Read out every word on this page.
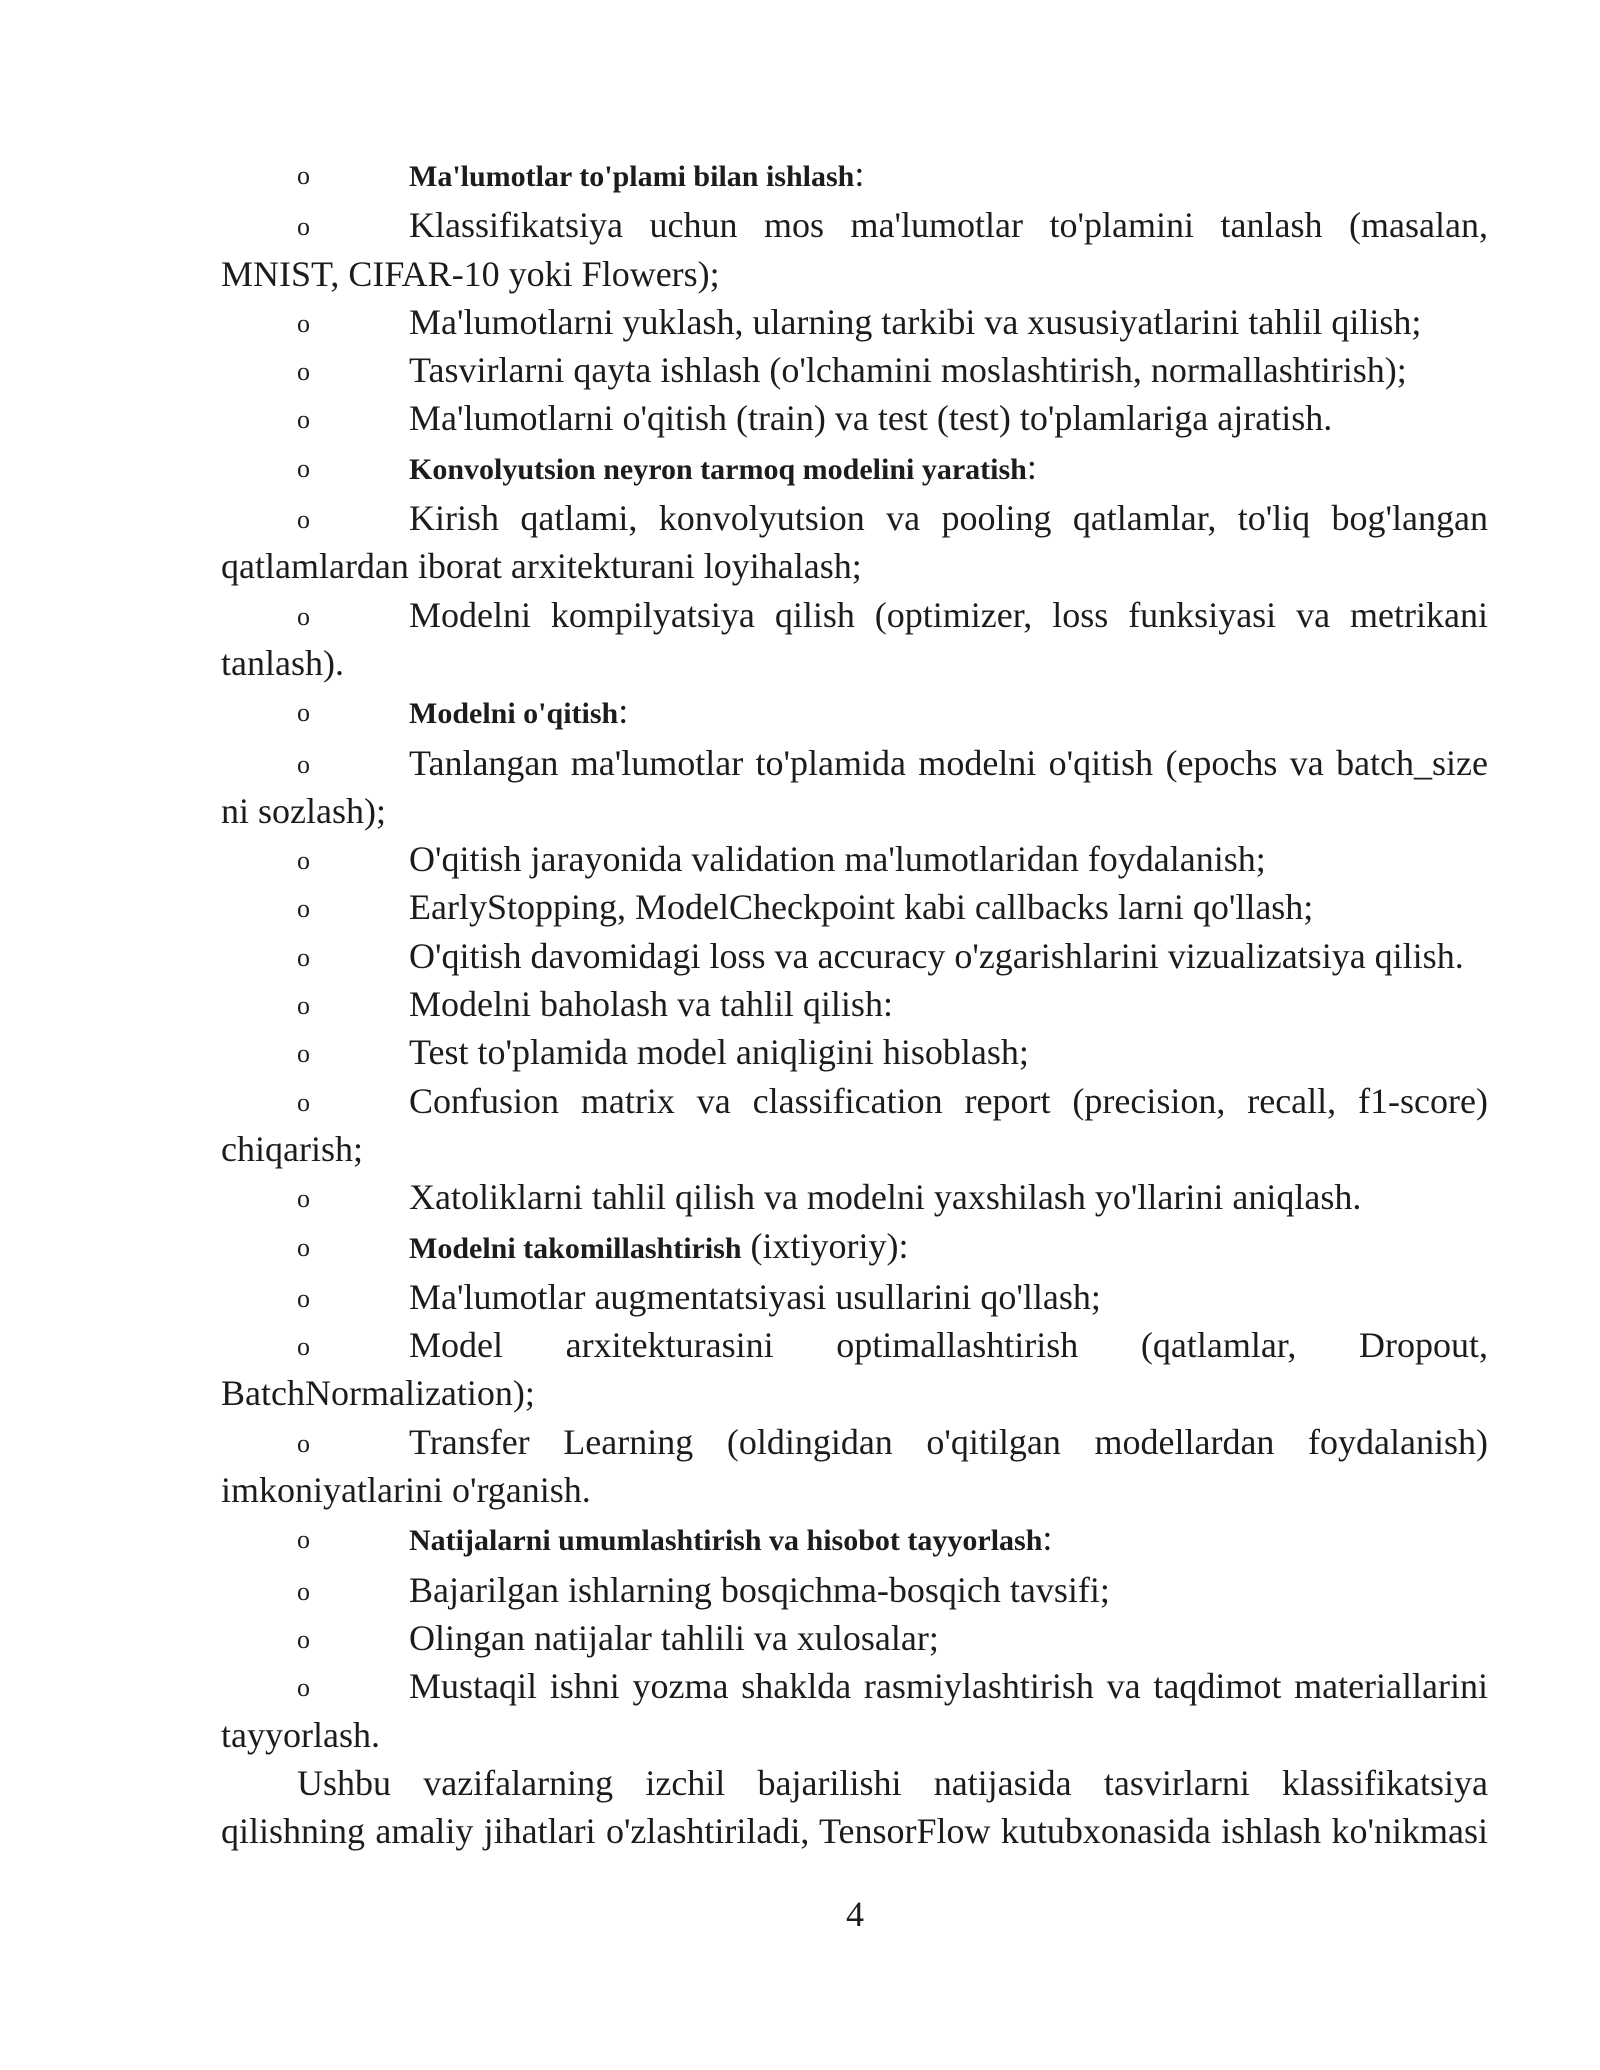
o	Ma'lumotlar to'plami bilan ishlash:

o	Klassifikatsiya uchun mos ma'lumotlar to'plamini tanlash (masalan, MNIST, CIFAR-10 yoki Flowers);

o	Ma'lumotlarni yuklash, ularning tarkibi va xususiyatlarini tahlil qilish;

o	Tasvirlarni qayta ishlash (o'lchamini moslashtirish, normallashtirish);

o	Ma'lumotlarni o'qitish (train) va test (test) to'plamlariga ajratish.

o	Konvolyutsion neyron tarmoq modelini yaratish:

o	Kirish qatlami, konvolyutsion va pooling qatlamlar, to'liq bog'langan qatlamlardan iborat arxitekturani loyihalash;

o	Modelni kompilyatsiya qilish (optimizer, loss funksiyasi va metrikani tanlash).

o	Modelni o'qitish:

o	Tanlangan ma'lumotlar to'plamida modelni o'qitish (epochs va batch_size ni sozlash);

o	O'qitish jarayonida validation ma'lumotlaridan foydalanish;

o	EarlyStopping, ModelCheckpoint kabi callbacks larni qo'llash;

o	O'qitish davomidagi loss va accuracy o'zgarishlarini vizualizatsiya qilish.

o	Modelni baholash va tahlil qilish:

o	Test to'plamida model aniqligini hisoblash;

o	Confusion matrix va classification report (precision, recall, f1-score) chiqarish;

o	Xatoliklarni tahlil qilish va modelni yaxshilash yo'llarini aniqlash.

o	Modelni takomillashtirish (ixtiyoriy):

o	Ma'lumotlar augmentatsiyasi usullarini qo'llash;

o	Model arxitekturasini optimallashtirish (qatlamlar, Dropout, BatchNormalization);

o	Transfer Learning (oldingidan o'qitilgan modellardan foydalanish) imkoniyatlarini o'rganish.

o	Natijalarni umumlashtirish va hisobot tayyorlash:

o	Bajarilgan ishlarning bosqichma-bosqich tavsifi;

o	Olingan natijalar tahlili va xulosalar;

o	Mustaqil ishni yozma shakldа rasmiylashtirish va taqdimot materiallarini tayyorlash.

Ushbu vazifalarning izchil bajarilishi natijasida tasvirlarni klassifikatsiya qilishning amaliy jihatlari o'zlashtiriladi, TensorFlow kutubxonasida ishlash ko'nikmasi

4
